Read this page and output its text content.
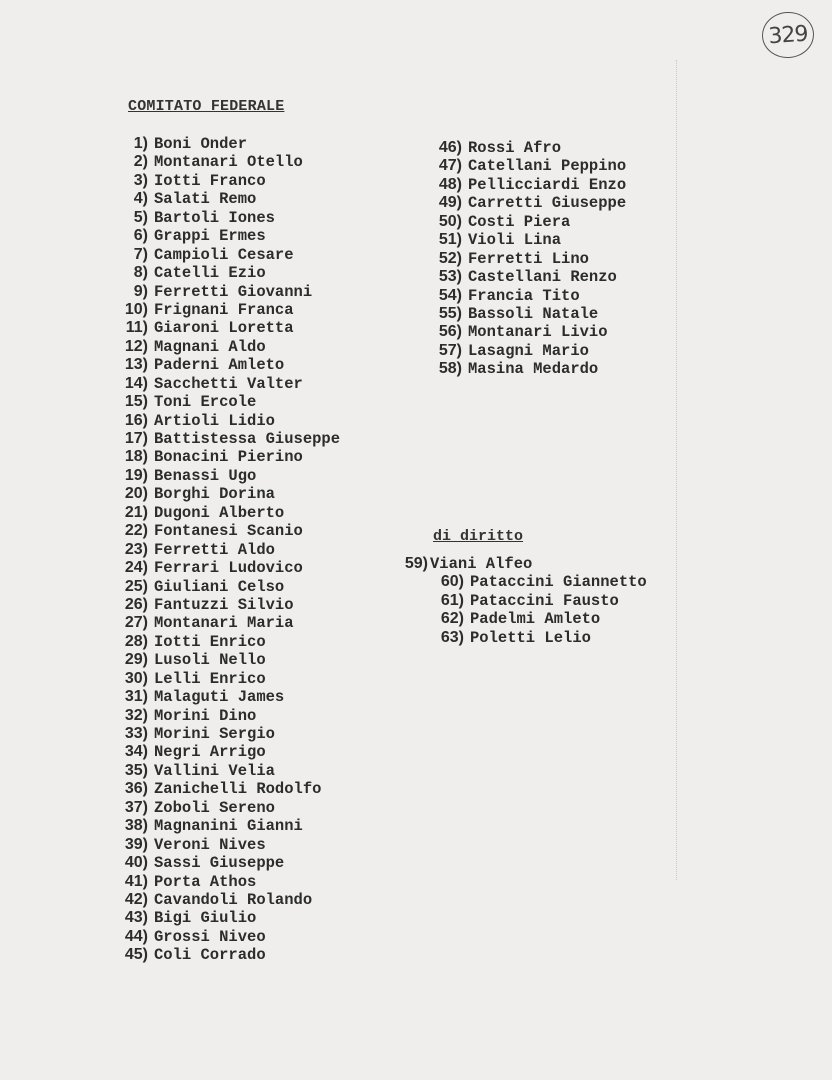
329
COMITATO FEDERALE
1) Boni Onder
2) Montanari Otello
3) Iotti Franco
4) Salati Remo
5) Bartoli Iones
6) Grappi Ermes
7) Campioli Cesare
8) Catelli Ezio
9) Ferretti Giovanni
10) Frignani Franca
11) Giaroni Loretta
12) Magnani Aldo
13) Paderni Amleto
14) Sacchetti Valter
15) Toni Ercole
16) Artioli Lidio
17) Battistessa Giuseppe
18) Bonacini Pierino
19) Benassi Ugo
20) Borghi Dorina
21) Dugoni Alberto
22) Fontanesi Scanio
23) Ferretti Aldo
24) Ferrari Ludovico
25) Giuliani Celso
26) Fantuzzi Silvio
27) Montanari Maria
28) Iotti Enrico
29) Lusoli Nello
30) Lelli Enrico
31) Malaguti James
32) Morini Dino
33) Morini Sergio
34) Negri Arrigo
35) Vallini Velia
36) Zanichelli Rodolfo
37) Zoboli Sereno
38) Magnanini Gianni
39) Veroni Nives
40) Sassi Giuseppe
41) Porta Athos
42) Cavandoli Rolando
43) Bigi Giulio
44) Grossi Niveo
45) Coli Corrado
46) Rossi Afro
47) Catellani Peppino
48) Pellicciardi Enzo
49) Carretti Giuseppe
50) Costi Piera
51) Violi Lina
52) Ferretti Lino
53) Castellani Renzo
54) Francia Tito
55) Bassoli Natale
56) Montanari Livio
57) Lasagni Mario
58) Masina Medardo
di diritto
59) Viani Alfeo
60) Pataccini Giannetto
61) Pataccini Fausto
62) Padelmi Amleto
63) Poletti Lelio
